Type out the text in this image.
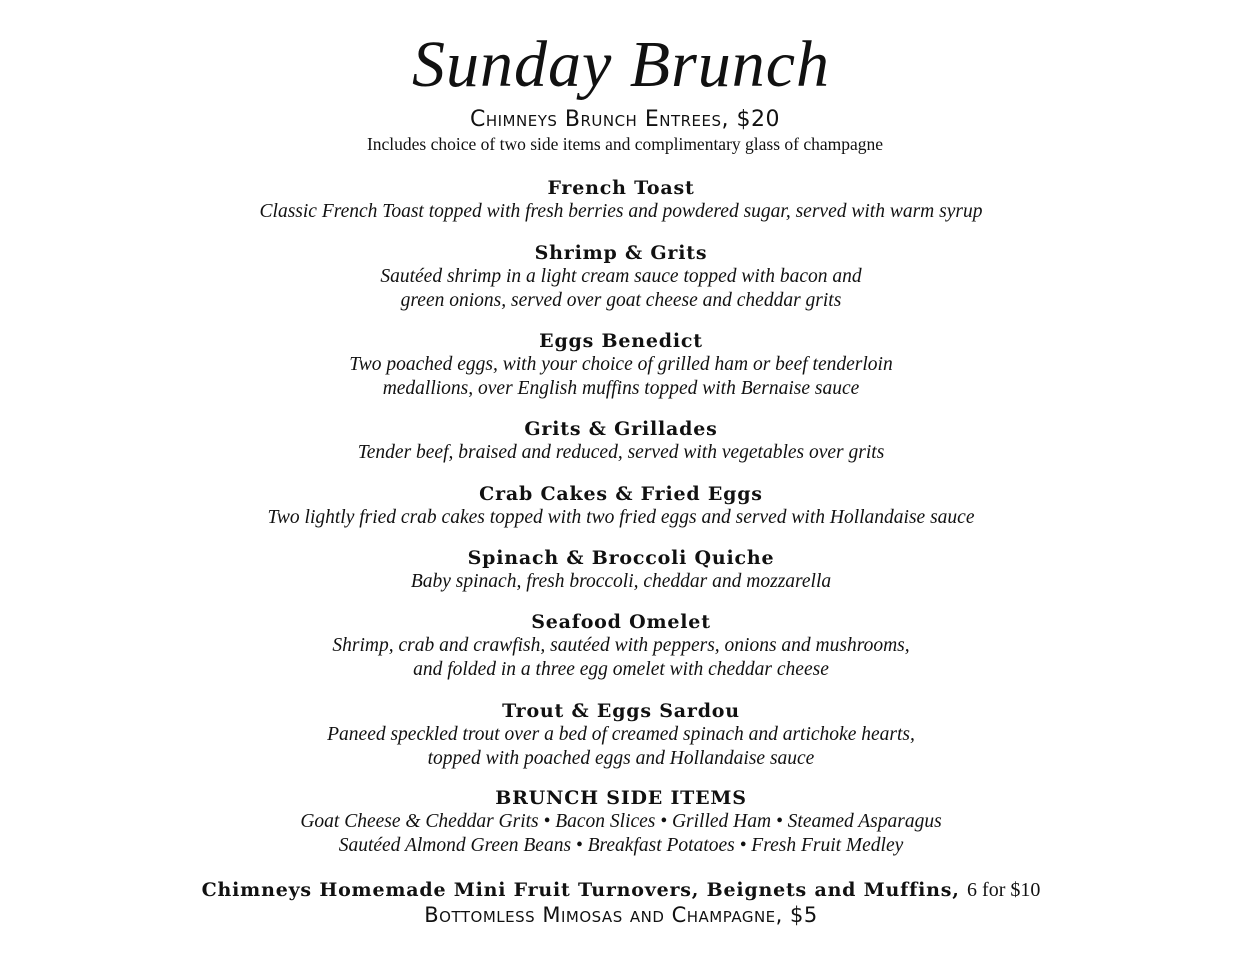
Sunday Brunch
Chimneys Brunch Entrees, $20
Includes choice of two side items and complimentary glass of champagne
French Toast
Classic French Toast topped with fresh berries and powdered sugar, served with warm syrup
Shrimp & Grits
Sautéed shrimp in a light cream sauce topped with bacon and
green onions, served over goat cheese and cheddar grits
Eggs Benedict
Two poached eggs, with your choice of grilled ham or beef tenderloin
medallions, over English muffins topped with Bernaise sauce
Grits & Grillades
Tender beef, braised and reduced, served with vegetables over grits
Crab Cakes & Fried Eggs
Two lightly fried crab cakes topped with two fried eggs and served with Hollandaise sauce
Spinach & Broccoli Quiche
Baby spinach, fresh broccoli, cheddar and mozzarella
Seafood Omelet
Shrimp, crab and crawfish, sautéed with peppers, onions and mushrooms,
and folded in a three egg omelet with cheddar cheese
Trout & Eggs Sardou
Paneed speckled trout over a bed of creamed spinach and artichoke hearts,
topped with poached eggs and Hollandaise sauce
BRUNCH SIDE ITEMS
Goat Cheese & Cheddar Grits • Bacon Slices • Grilled Ham • Steamed Asparagus
Sautéed Almond Green Beans • Breakfast Potatoes • Fresh Fruit Medley
Chimneys Homemade Mini Fruit Turnovers, Beignets and Muffins, 6 for $10
Bottomless Mimosas and Champagne, $5
